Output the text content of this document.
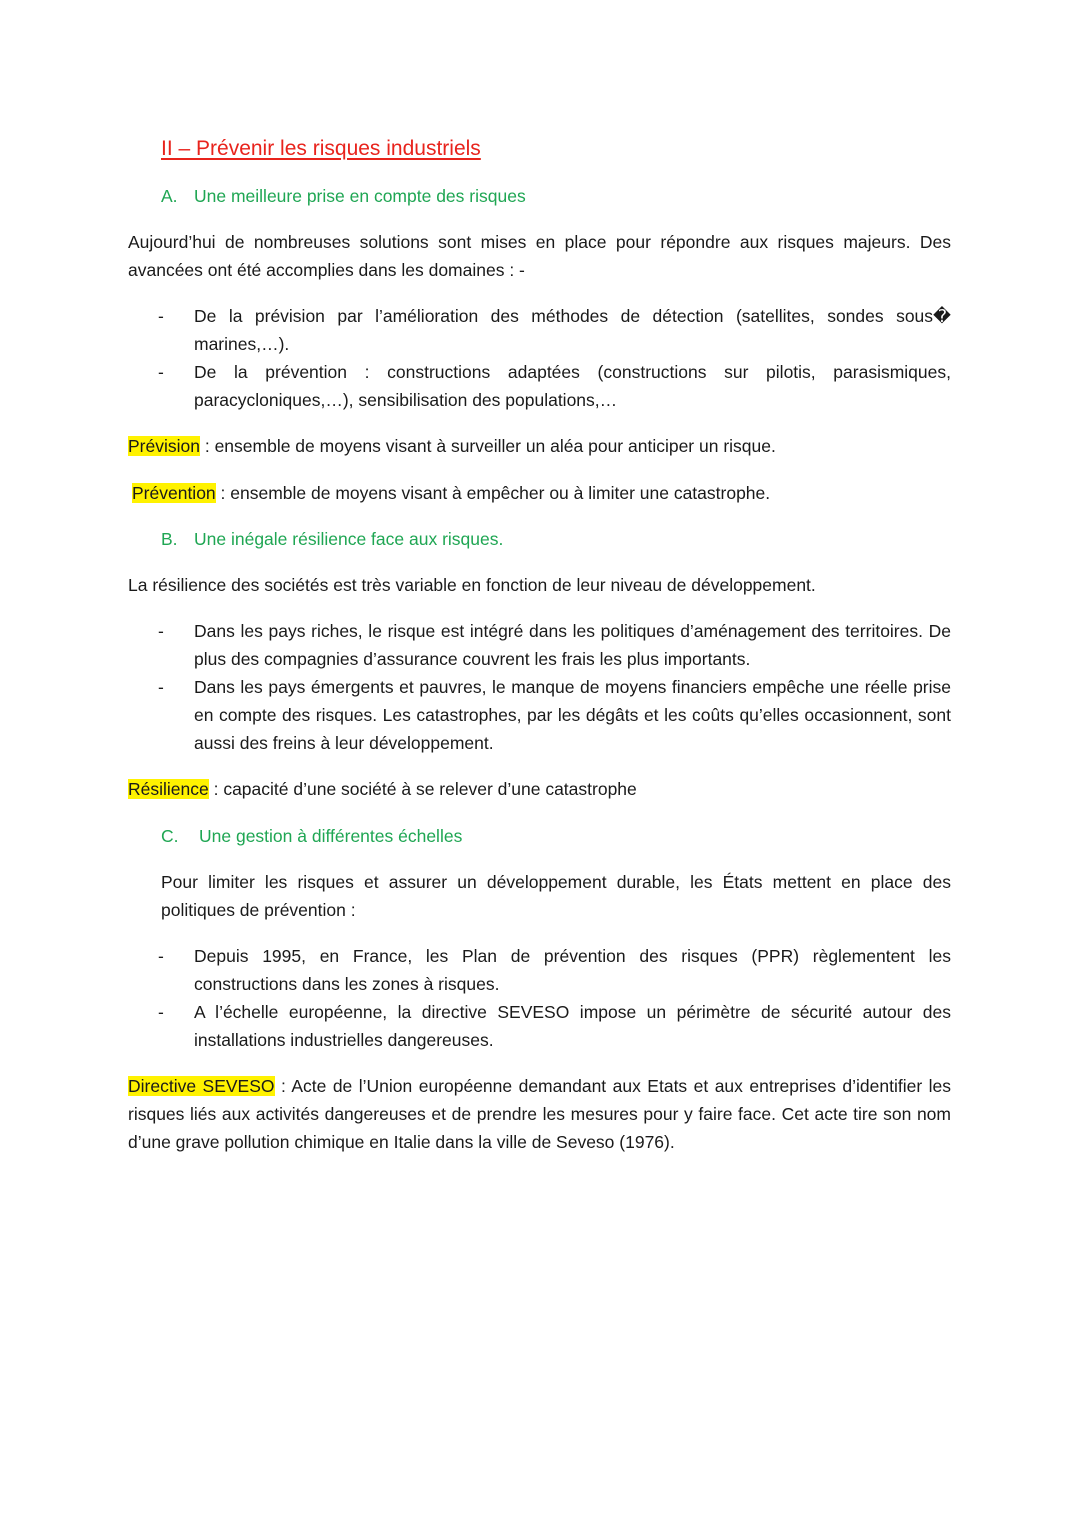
II – Prévenir les risques industriels
A. Une meilleure prise en compte des risques

Aujourd’hui de nombreuses solutions sont mises en place pour répondre aux risques majeurs. Des avancées ont été accomplies dans les domaines : -

- De la prévision par l’amélioration des méthodes de détection (satellites, sondes sous� marines,…).
- De la prévention : constructions adaptées (constructions sur pilotis, parasismiques, paracycloniques,…), sensibilisation des populations,…

Prévision : ensemble de moyens visant à surveiller un aléa pour anticiper un risque.

Prévention : ensemble de moyens visant à empêcher ou à limiter une catastrophe.

B. Une inégale résilience face aux risques.

La résilience des sociétés est très variable en fonction de leur niveau de développement.

- Dans les pays riches, le risque est intégré dans les politiques d’aménagement des territoires. De plus des compagnies d’assurance couvrent les frais les plus importants.
- Dans les pays émergents et pauvres, le manque de moyens financiers empêche une réelle prise en compte des risques. Les catastrophes, par les dégâts et les coûts qu’elles occasionnent, sont aussi des freins à leur développement.

Résilience : capacité d’une société à se relever d’une catastrophe

C. Une gestion à différentes échelles

Pour limiter les risques et assurer un développement durable, les États mettent en place des politiques de prévention :

- Depuis 1995, en France, les Plan de prévention des risques (PPR) règlementent les constructions dans les zones à risques.
- A l’échelle européenne, la directive SEVESO impose un périmètre de sécurité autour des installations industrielles dangereuses.

Directive SEVESO : Acte de l’Union européenne demandant aux Etats et aux entreprises d’identifier les risques liés aux activités dangereuses et de prendre les mesures pour y faire face. Cet acte tire son nom d’une grave pollution chimique en Italie dans la ville de Seveso (1976).
